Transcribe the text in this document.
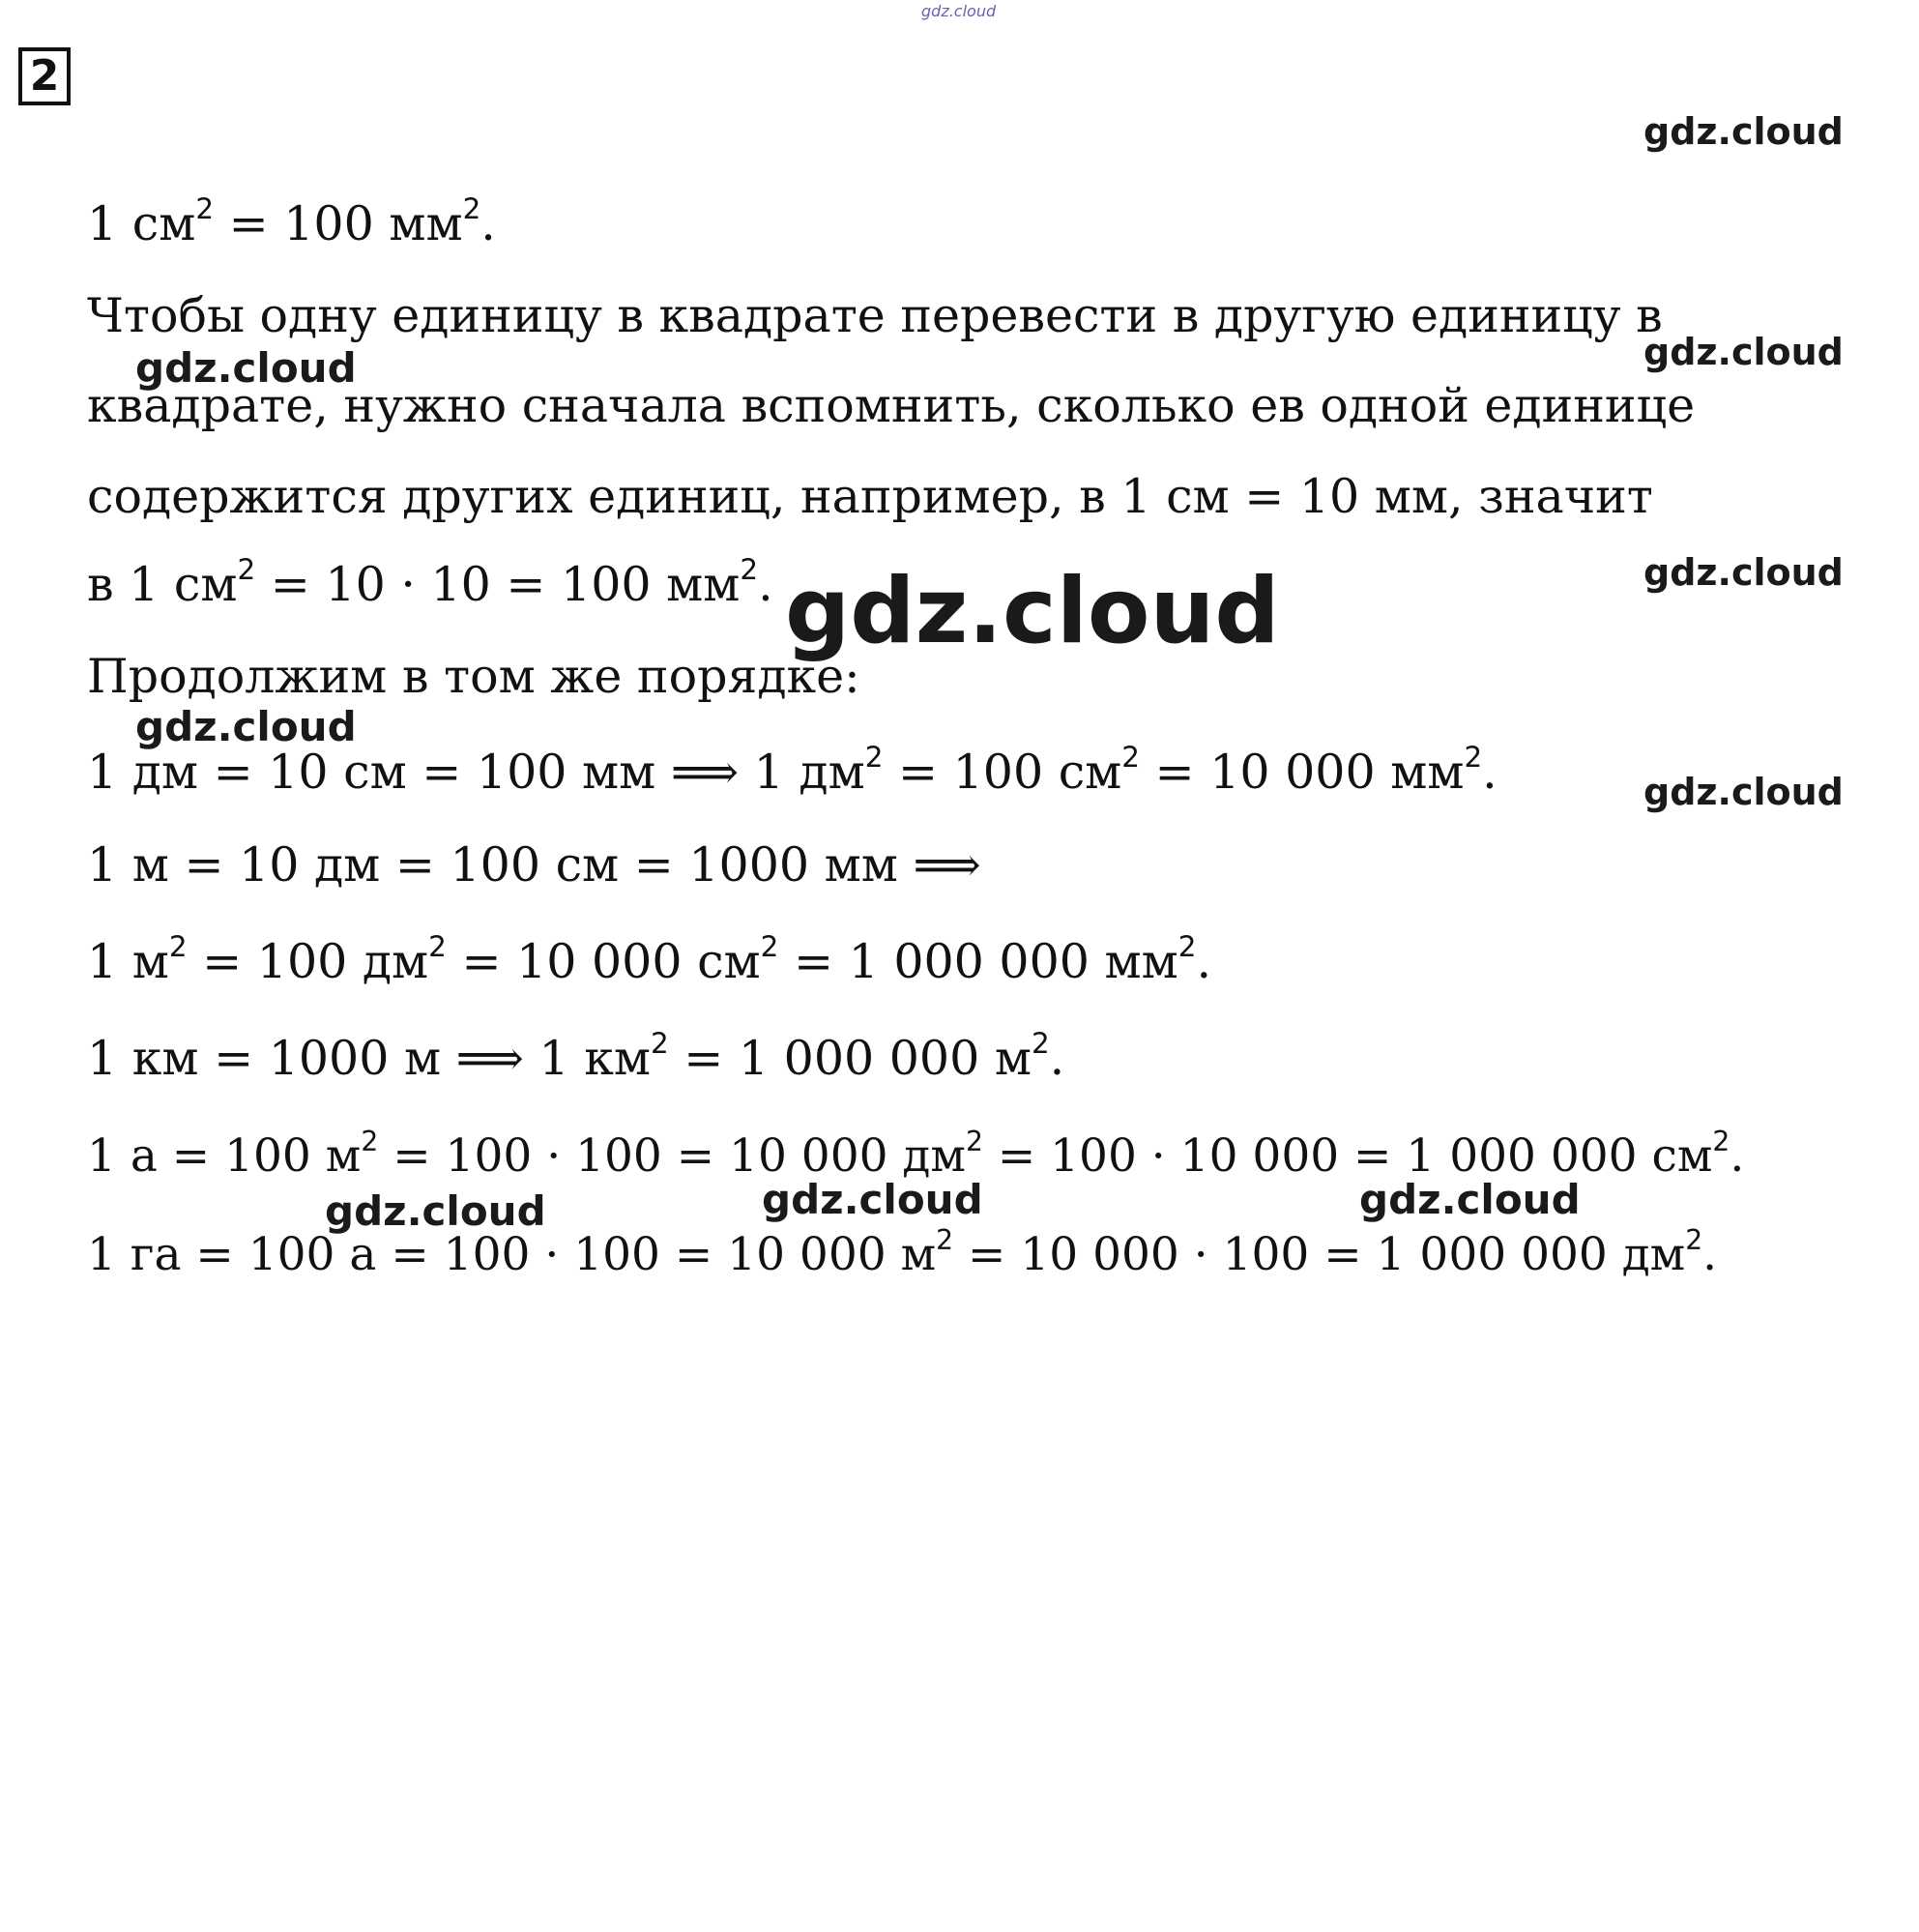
gdz.cloud
2
1 $см^2 = 100$ $мм^2$.
Чтобы одну единицу в квадрате перевести в другую единицу в
квадрате, нужно сначала вспомнить, сколько ев одной единице
содержится других единиц, например, в 1 см = 10 мм, значит
в 1 $см^2 = 10 \cdot 10 = 100$ $мм^2$.
Продолжим в том же порядке:
1 дм = 10 см = 100 мм ⟹ 1 $дм^2 = 100$ $см^2 = 10$ 000 $мм^2$.
1 м = 10 дм = 100 см = 1000 мм ⟹
1 $м^2 = 100$ $дм^2 = 10$ 000 $см^2 = 1$ 000 000 $мм^2$.
1 км = 1000 м ⟹ 1 $км^2 = 1$ 000 000 $м^2$.
1 а = 100 $м^2 = 100 \cdot 100 = 10$ 000 $дм^2 = 100 \cdot 10$ 000 = 1 000 000 $см^2$.
1 га = 100 а = 100 · 100 = 10 000 $м^2 = 10$ 000 · 100 = 1 000 000 $дм^2$.
gdz.cloud
gdz.cloud
gdz.cloud
gdz.cloud
gdz.cloud
gdz.cloud
gdz.cloud	gdz.cloud	gdz.cloud
gdz.cloud
